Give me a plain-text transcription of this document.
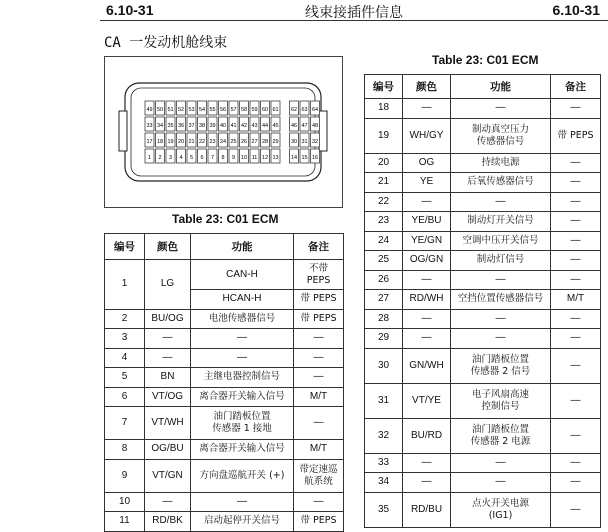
6.10-31	线束接插件信息	6.10-31
CA 一发动机舱线束
49 50 51 52 53 54 55 56 57 58 59 60 61 62 63 64
33 34 35 36 37 38 39 40 41 42 43 44 45 46 47 48
17 18 19 20 21 22 23 24 25 26 27 28 29 30 31 32
1 2 3 4 5 6 7 8 9 10 11 12 13 14 15 16
Table 23: C01 ECM
编号	颜色	功能	备注
1	LG	CAN-H	不带
PEPS
		HCAN-H	带 PEPS
2	BU/OG	电池传感器信号	带 PEPS
3	—	—	—
4	—	—	—
5	BN	主继电器控制信号	—
6	VT/OG	离合器开关输入信号	M/T
7	VT/WH	油门踏板位置
传感器 1 接地	—
8	OG/BU	离合器开关输入信号	M/T
9	VT/GN	方向盘巡航开关 (+)	带定速巡
航系统
10	—	—	—
11	RD/BK	启动起停开关信号	带 PEPS
Table 23: C01 ECM
编号	颜色	功能	备注
18	—	—	—
19	WH/GY	制动真空压力
传感器信号	带 PEPS
20	OG	持续电源	—
21	YE	后氧传感器信号	—
22	—	—	—
23	YE/BU	制动灯开关信号	—
24	YE/GN	空调中压开关信号	—
25	OG/GN	制动灯信号	—
26	—	—	—
27	RD/WH	空挡位置传感器信号	M/T
28	—	—	—
29	—	—	—
30	GN/WH	油门踏板位置
传感器 2 信号	—
31	VT/YE	电子风扇高速
控制信号	—
32	BU/RD	油门踏板位置
传感器 2 电源	—
33	—	—	—
34	—	—	—
35	RD/BU	点火开关电源
(IG1)	—
